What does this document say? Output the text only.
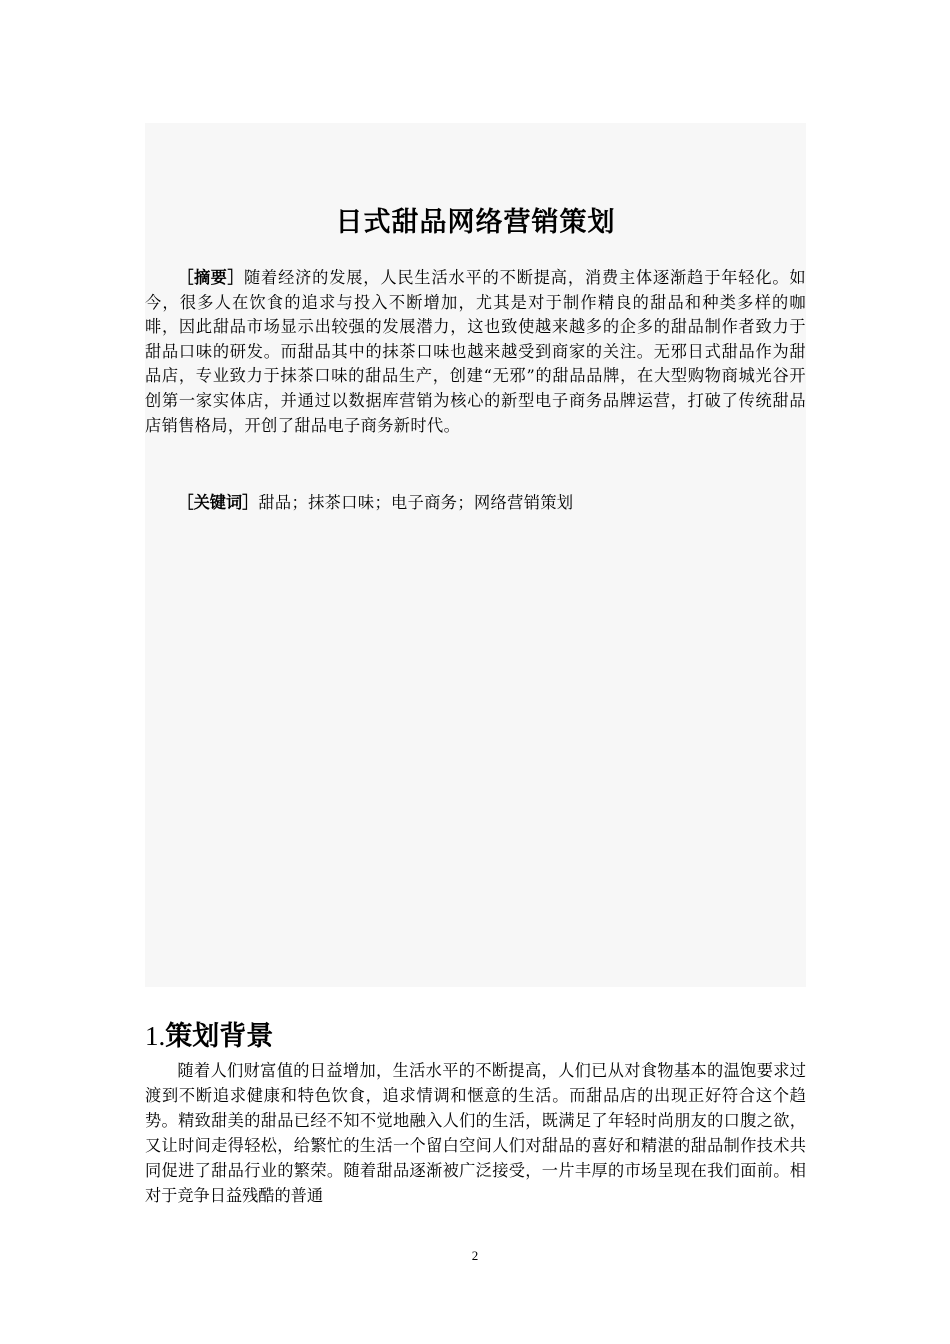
日式甜品网络营销策划

［摘要］随着经济的发展，人民生活水平的不断提高，消费主体逐渐趋于年轻化。如今，很多人在饮食的追求与投入不断增加，尤其是对于制作精良的甜品和种类多样的咖啡，因此甜品市场显示出较强的发展潜力，这也致使越来越多的企多的甜品制作者致力于甜品口味的研发。而甜品其中的抹茶口味也越来越受到商家的关注。无邪日式甜品作为甜品店，专业致力于抹茶口味的甜品生产，创建“无邪”的甜品品牌，在大型购物商城光谷开创第一家实体店，并通过以数据库营销为核心的新型电子商务品牌运营，打破了传统甜品店销售格局，开创了甜品电子商务新时代。

［关键词］甜品；抹茶口味；电子商务；网络营销策划

1.策划背景

随着人们财富值的日益增加，生活水平的不断提高，人们已从对食物基本的温饱要求过渡到不断追求健康和特色饮食，追求情调和惬意的生活。而甜品店的出现正好符合这个趋势。精致甜美的甜品已经不知不觉地融入人们的生活，既满足了年轻时尚朋友的口腹之欲，又让时间走得轻松，给繁忙的生活一个留白空间人们对甜品的喜好和精湛的甜品制作技术共同促进了甜品行业的繁荣。随着甜品逐渐被广泛接受，一片丰厚的市场呈现在我们面前。相对于竞争日益残酷的普通

2
